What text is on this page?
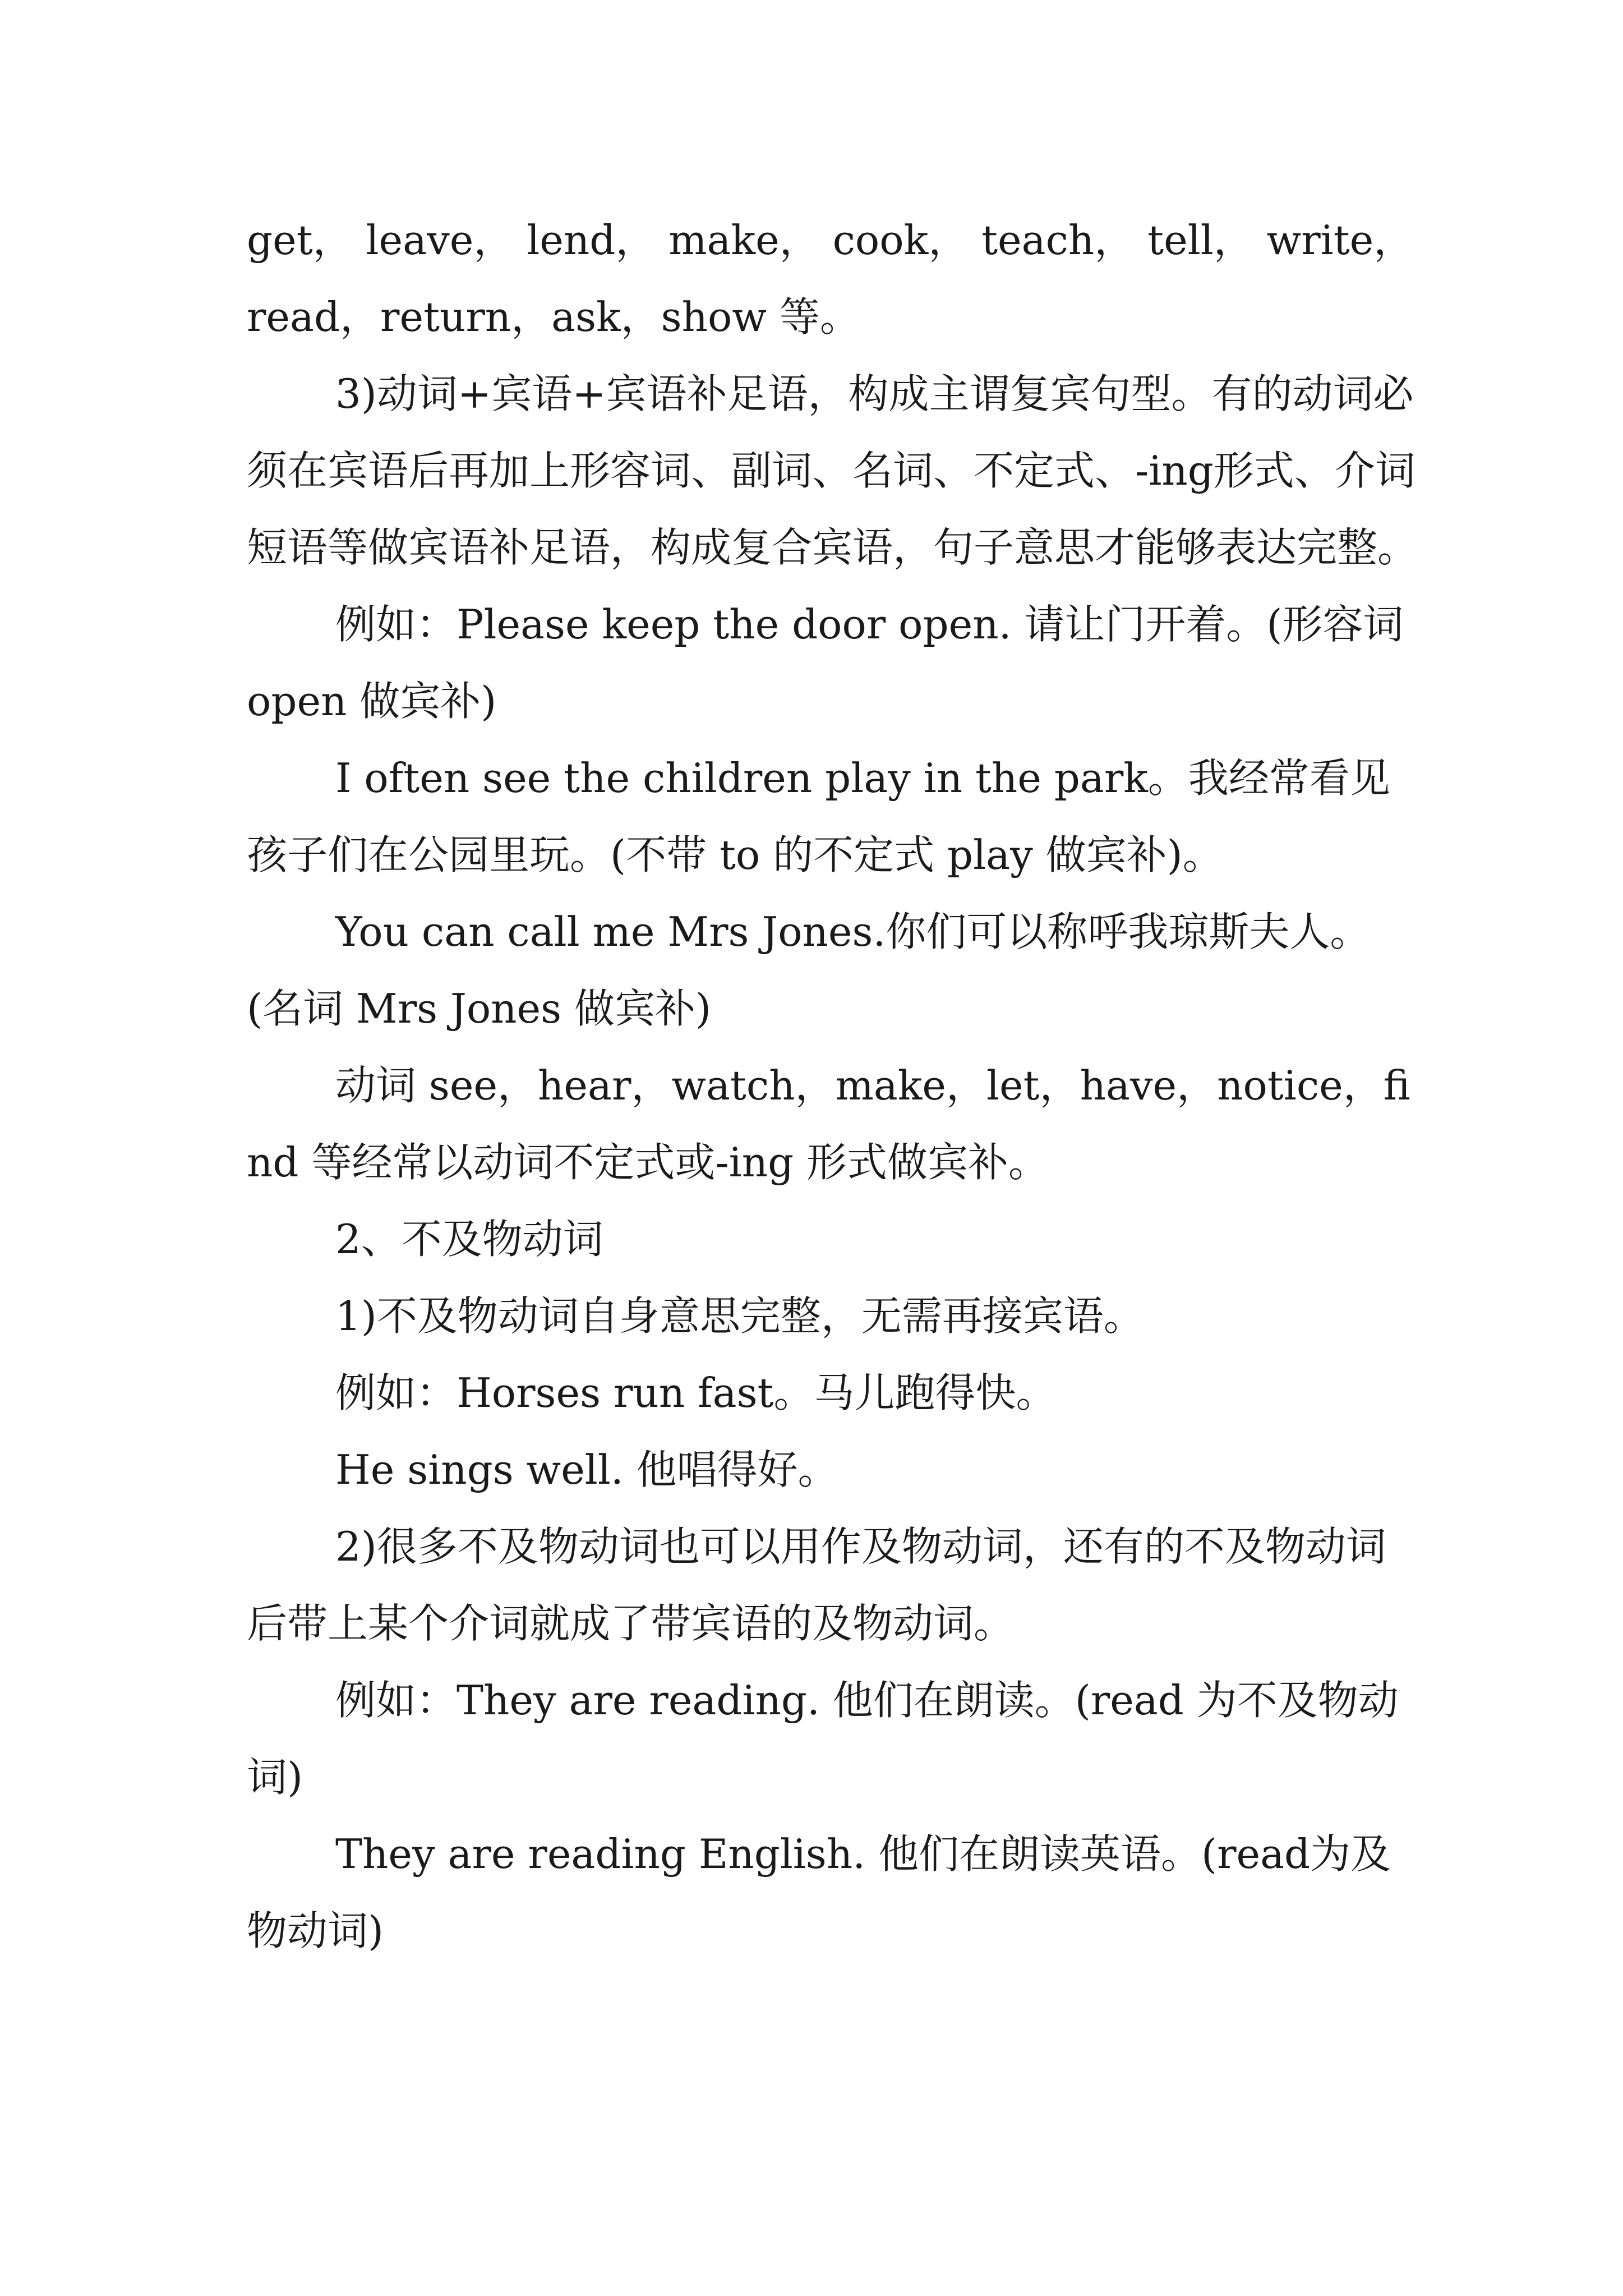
get， leave， lend， make， cook， teach， tell， write， read，return，ask，show 等。

3)动词+宾语+宾语补足语，构成主谓复宾句型。有的动词必须在宾语后再加上形容词、副词、名词、不定式、-ing形式、介词短语等做宾语补足语，构成复合宾语，句子意思才能够表达完整。

例如：Please keep the door open. 请让门开着。(形容词 open 做宾补)

I often see the children play in the park。我经常看见孩子们在公园里玩。(不带 to 的不定式 play 做宾补)。

You can call me Mrs Jones.你们可以称呼我琼斯夫人。(名词 Mrs Jones 做宾补)

动词 see，hear，watch，make，let，have，notice，find 等经常以动词不定式或-ing 形式做宾补。

2、不及物动词

1)不及物动词自身意思完整，无需再接宾语。

例如：Horses run fast。马儿跑得快。

He sings well. 他唱得好。

2)很多不及物动词也可以用作及物动词，还有的不及物动词后带上某个介词就成了带宾语的及物动词。

例如：They are reading. 他们在朗读。(read 为不及物动词)

They are reading English. 他们在朗读英语。(read为及物动词)
